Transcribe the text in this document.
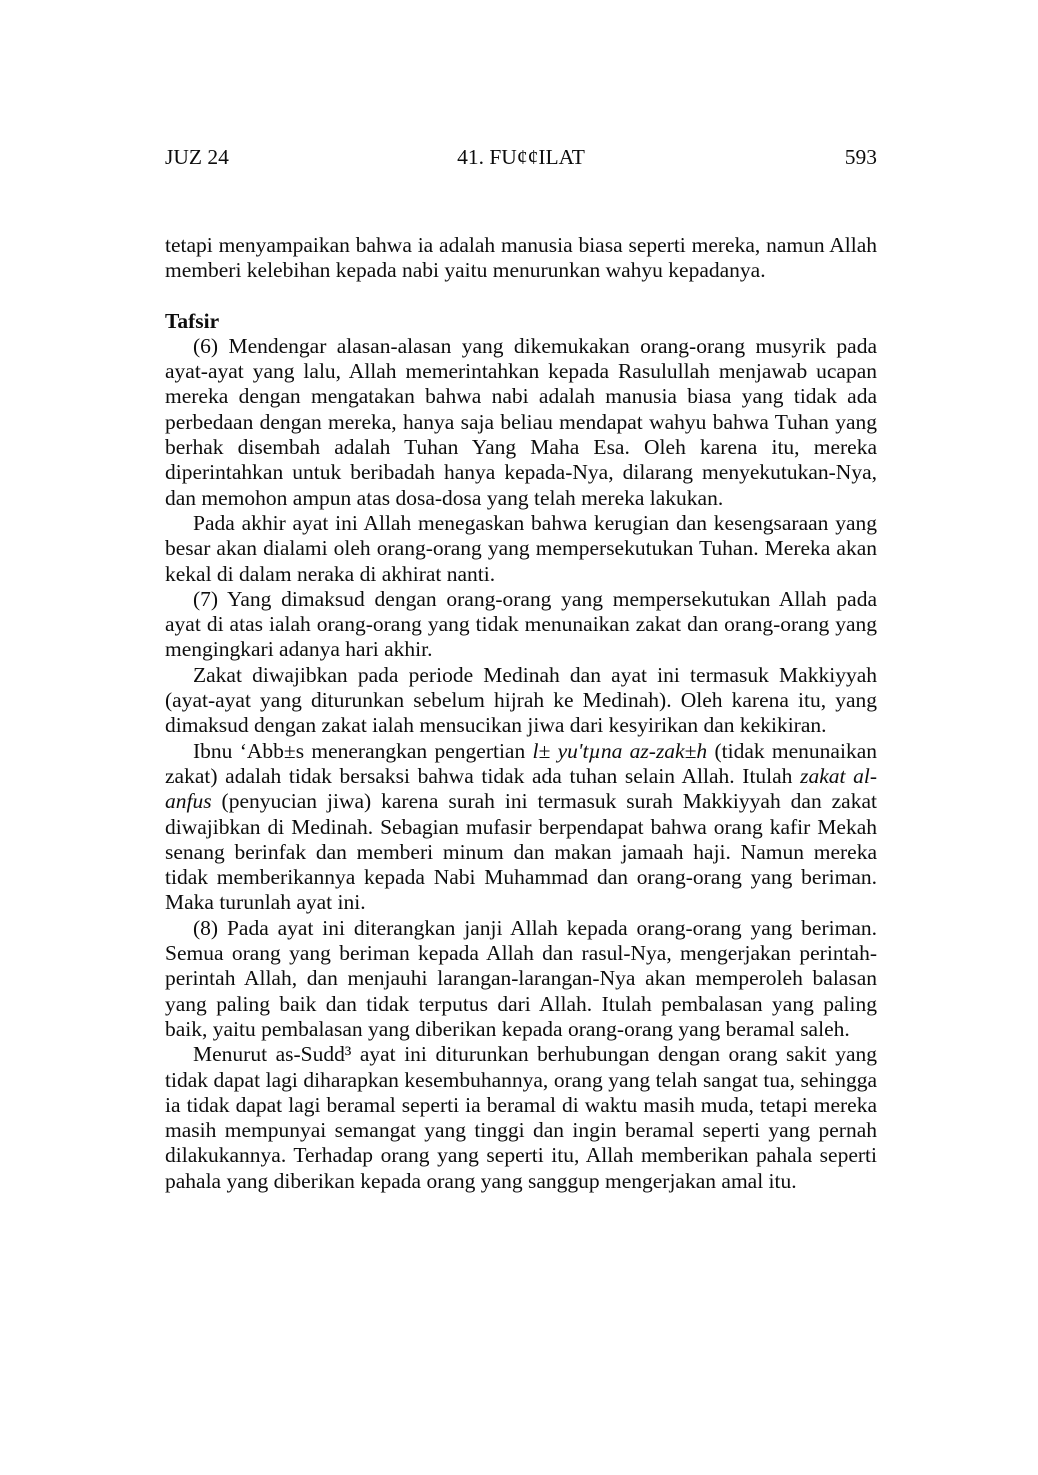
JUZ 24	41. FU¢¢ILAT	593

tetapi menyampaikan bahwa ia adalah manusia biasa seperti mereka, namun Allah memberi kelebihan kepada nabi yaitu menurunkan wahyu kepadanya.

Tafsir

(6) Mendengar alasan-alasan yang dikemukakan orang-orang musyrik pada ayat-ayat yang lalu, Allah memerintahkan kepada Rasulullah menjawab ucapan mereka dengan mengatakan bahwa nabi adalah manusia biasa yang tidak ada perbedaan dengan mereka, hanya saja beliau mendapat wahyu bahwa Tuhan yang berhak disembah adalah Tuhan Yang Maha Esa. Oleh karena itu, mereka diperintahkan untuk beribadah hanya kepada-Nya, dilarang menyekutukan-Nya, dan memohon ampun atas dosa-dosa yang telah mereka lakukan.

Pada akhir ayat ini Allah menegaskan bahwa kerugian dan kesengsaraan yang besar akan dialami oleh orang-orang yang mempersekutukan Tuhan. Mereka akan kekal di dalam neraka di akhirat nanti.

(7) Yang dimaksud dengan orang-orang yang mempersekutukan Allah pada ayat di atas ialah orang-orang yang tidak menunaikan zakat dan orang-orang yang mengingkari adanya hari akhir.

Zakat diwajibkan pada periode Medinah dan ayat ini termasuk Makkiyyah (ayat-ayat yang diturunkan sebelum hijrah ke Medinah). Oleh karena itu, yang dimaksud dengan zakat ialah mensucikan jiwa dari kesyirikan dan kekikiran.

Ibnu ‘Abb±s menerangkan pengertian l± yu'tµna az-zak±h (tidak menunaikan zakat) adalah tidak bersaksi bahwa tidak ada tuhan selain Allah. Itulah zakat al-anfus (penyucian jiwa) karena surah ini termasuk surah Makkiyyah dan zakat diwajibkan di Medinah. Sebagian mufasir berpendapat bahwa orang kafir Mekah senang berinfak dan memberi minum dan makan jamaah haji. Namun mereka tidak memberikannya kepada Nabi Muhammad dan orang-orang yang beriman. Maka turunlah ayat ini.

(8) Pada ayat ini diterangkan janji Allah kepada orang-orang yang beriman. Semua orang yang beriman kepada Allah dan rasul-Nya, mengerjakan perintah-perintah Allah, dan menjauhi larangan-larangan-Nya akan memperoleh balasan yang paling baik dan tidak terputus dari Allah. Itulah pembalasan yang paling baik, yaitu pembalasan yang diberikan kepada orang-orang yang beramal saleh.

Menurut as-Sudd³ ayat ini diturunkan berhubungan dengan orang sakit yang tidak dapat lagi diharapkan kesembuhannya, orang yang telah sangat tua, sehingga ia tidak dapat lagi beramal seperti ia beramal di waktu masih muda, tetapi mereka masih mempunyai semangat yang tinggi dan ingin beramal seperti yang pernah dilakukannya. Terhadap orang yang seperti itu, Allah memberikan pahala seperti pahala yang diberikan kepada orang yang sanggup mengerjakan amal itu.
